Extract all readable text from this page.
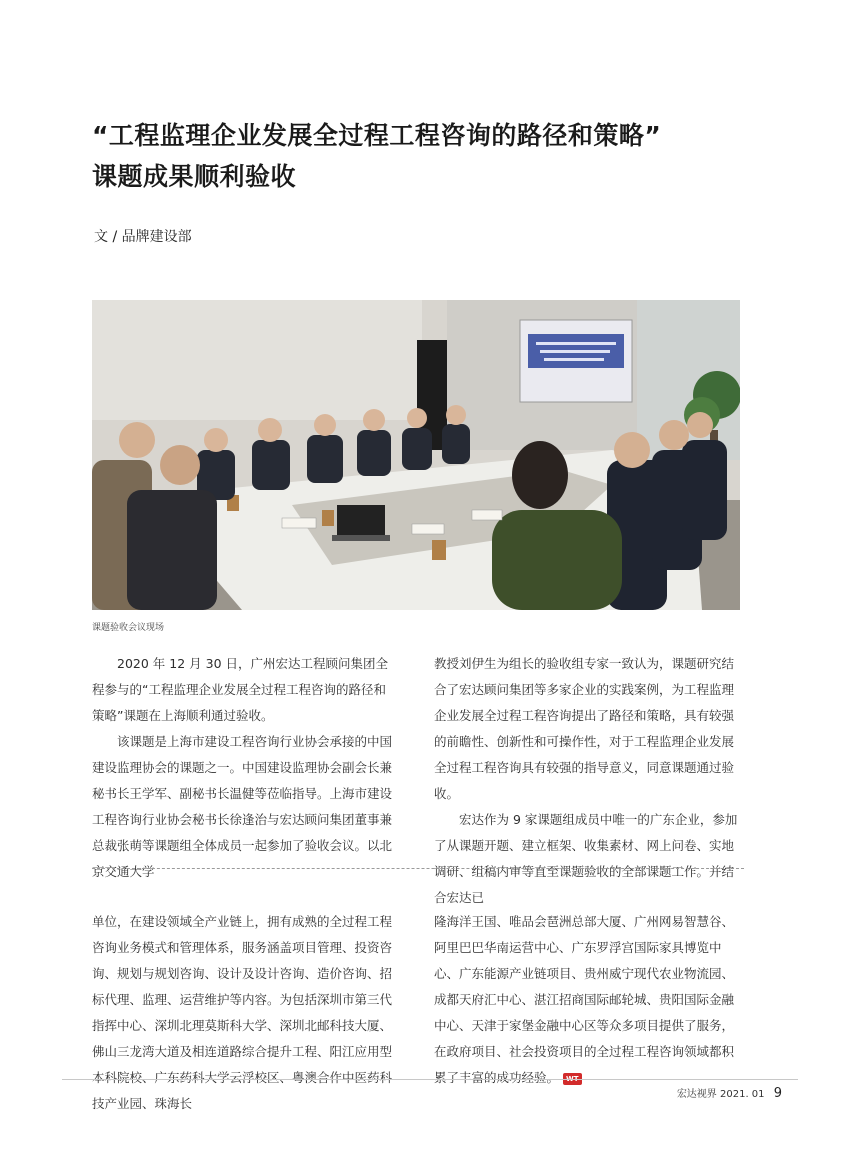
“工程监理企业发展全过程工程咨询的路径和策略”
课题成果顺利验收
文 / 品牌建设部
课题验收会议现场

2020 年 12 月 30 日，广州宏达工程顾问集团全程参与的“工程监理企业发展全过程工程咨询的路径和策略”课题在上海顺利通过验收。

该课题是上海市建设工程咨询行业协会承接的中国建设监理协会的课题之一。中国建设监理协会副会长兼秘书长王学军、副秘书长温健等莅临指导。上海市建设工程咨询行业协会秘书长徐逢治与宏达顾问集团董事兼总裁张萌等课题组全体成员一起参加了验收会议。以北京交通大学

教授刘伊生为组长的验收组专家一致认为，课题研究结合了宏达顾问集团等多家企业的实践案例，为工程监理企业发展全过程工程咨询提出了路径和策略，具有较强的前瞻性、创新性和可操作性，对于工程监理企业发展全过程工程咨询具有较强的指导意义，同意课题通过验收。

宏达作为 9 家课题组成员中唯一的广东企业，参加了从课题开题、建立框架、收集素材、网上问卷、实地调研、组稿内审等直至课题验收的全部课题工作。并结合宏达已

单位，在建设领域全产业链上，拥有成熟的全过程工程咨询业务模式和管理体系，服务涵盖项目管理、投资咨询、规划与规划咨询、设计及设计咨询、造价咨询、招标代理、监理、运营维护等内容。为包括深圳市第三代指挥中心、深圳北理莫斯科大学、深圳北邮科技大厦、佛山三龙湾大道及相连道路综合提升工程、阳江应用型本科院校、广东药科大学云浮校区、粤澳合作中医药科技产业园、珠海长

隆海洋王国、唯品会琶洲总部大厦、广州网易智慧谷、阿里巴巴华南运营中心、广东罗浮宫国际家具博览中心、广东能源产业链项目、贵州威宁现代农业物流园、成都天府汇中心、湛江招商国际邮轮城、贵阳国际金融中心、天津于家堡金融中心区等众多项目提供了服务，在政府项目、社会投资项目的全过程工程咨询领域都积累了丰富的成功经验。 WT

宏达视界 2021. 01 9
